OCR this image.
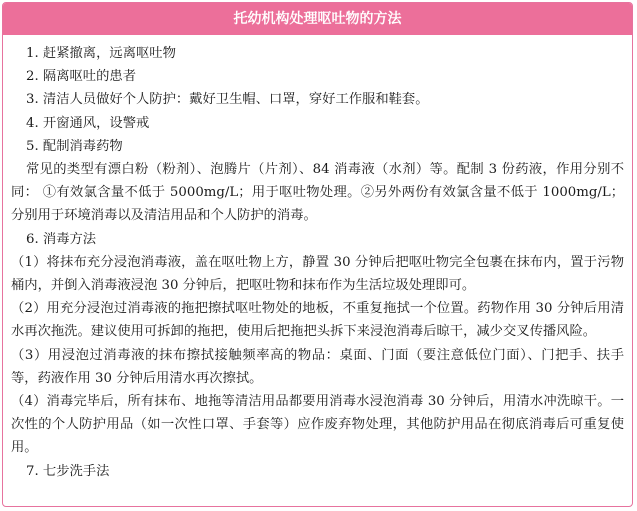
托幼机构处理呕吐物的方法

1. 赶紧撤离，远离呕吐物

2. 隔离呕吐的患者

3. 清洁人员做好个人防护：戴好卫生帽、口罩，穿好工作服和鞋套。

4. 开窗通风，设警戒

5. 配制消毒药物

常见的类型有漂白粉（粉剂）、泡腾片（片剂）、84 消毒液（水剂）等。配制 3 份药液，作用分别不同： ①有效氯含量不低于 5000mg/L；用于呕吐物处理。②另外两份有效氯含量不低于 1000mg/L；分别用于环境消毒以及清洁用品和个人防护的消毒。

6. 消毒方法

（1）将抹布充分浸泡消毒液，盖在呕吐物上方，静置 30 分钟后把呕吐物完全包裹在抹布内，置于污物桶内，并倒入消毒液浸泡 30 分钟后，把呕吐物和抹布作为生活垃圾处理即可。

（2）用充分浸泡过消毒液的拖把擦拭呕吐物处的地板，不重复拖拭一个位置。药物作用 30 分钟后用清水再次拖洗。建议使用可拆卸的拖把，使用后把拖把头拆下来浸泡消毒后晾干，减少交叉传播风险。

（3）用浸泡过消毒液的抹布擦拭接触频率高的物品：桌面、门面（要注意低位门面）、门把手、扶手等，药液作用 30 分钟后用清水再次擦拭。

（4）消毒完毕后，所有抹布、地拖等清洁用品都要用消毒水浸泡消毒 30 分钟后，用清水冲洗晾干。一次性的个人防护用品（如一次性口罩、手套等）应作废弃物处理，其他防护用品在彻底消毒后可重复使用。

7. 七步洗手法
